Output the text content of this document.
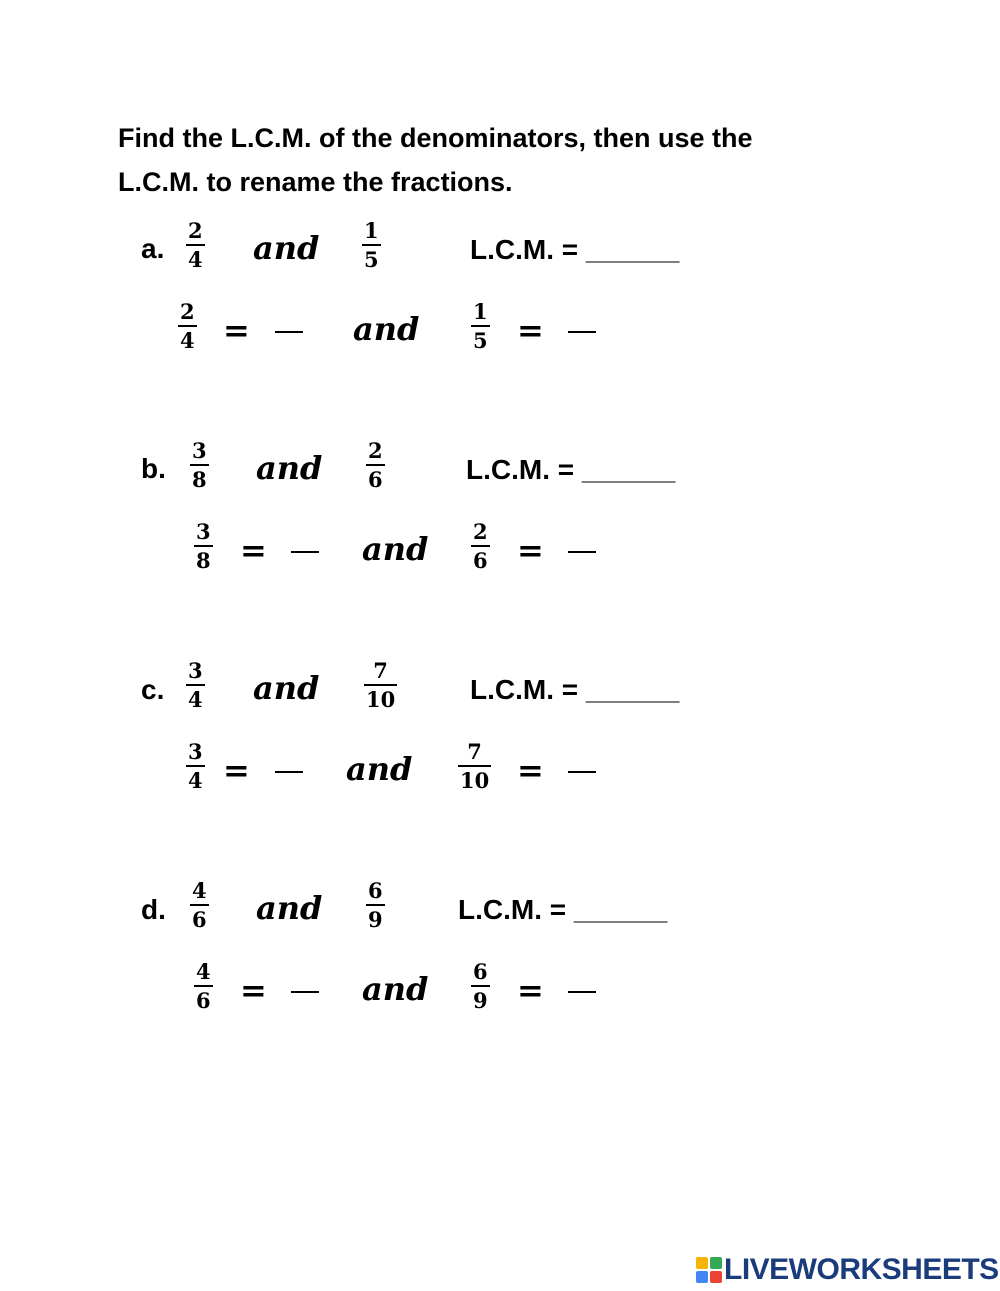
Find the L.C.M. of the denominators, then use the
L.C.M. to rename the fractions.
a.
2
4 and 1
5	L.C.M. = ______
2
4 =	and	1
5 =
b.
3
8 and 2
6	L.C.M. = ______
3
8 =	and 2
6 =
c.
3
4 and	7
10	L.C.M. = ______
3
4 =	and	7
10 =
d.
4
6 and 6
9	L.C.M. = ______
4
6 =	and 6
9 =
LIVEWORKSHEETS
